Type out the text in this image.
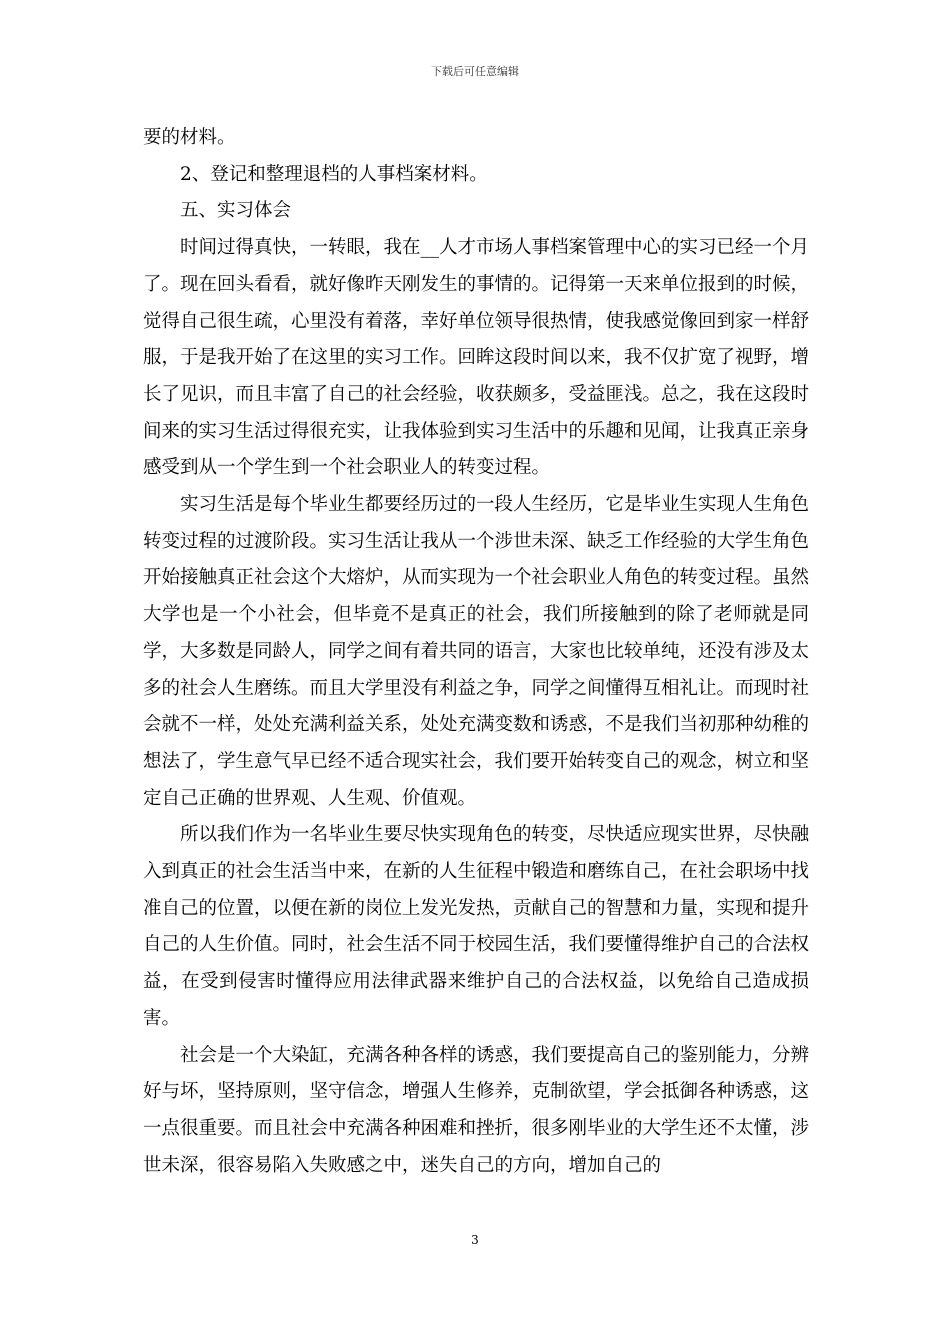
下载后可任意编辑

要的材料。

2、登记和整理退档的人事档案材料。

五、实习体会

时间过得真快，一转眼，我在__人才市场人事档案管理中心的实习已经一个月了。现在回头看看，就好像昨天刚发生的事情的。记得第一天来单位报到的时候，觉得自己很生疏，心里没有着落，幸好单位领导很热情，使我感觉像回到家一样舒服，于是我开始了在这里的实习工作。回眸这段时间以来，我不仅扩宽了视野，增长了见识，而且丰富了自己的社会经验，收获颇多，受益匪浅。总之，我在这段时间来的实习生活过得很充实，让我体验到实习生活中的乐趣和见闻，让我真正亲身感受到从一个学生到一个社会职业人的转变过程。

实习生活是每个毕业生都要经历过的一段人生经历，它是毕业生实现人生角色转变过程的过渡阶段。实习生活让我从一个涉世未深、缺乏工作经验的大学生角色开始接触真正社会这个大熔炉，从而实现为一个社会职业人角色的转变过程。虽然大学也是一个小社会，但毕竟不是真正的社会，我们所接触到的除了老师就是同学，大多数是同龄人，同学之间有着共同的语言，大家也比较单纯，还没有涉及太多的社会人生磨练。而且大学里没有利益之争，同学之间懂得互相礼让。而现时社会就不一样，处处充满利益关系，处处充满变数和诱惑，不是我们当初那种幼稚的想法了，学生意气早已经不适合现实社会，我们要开始转变自己的观念，树立和坚定自己正确的世界观、人生观、价值观。

所以我们作为一名毕业生要尽快实现角色的转变，尽快适应现实世界，尽快融入到真正的社会生活当中来，在新的人生征程中锻造和磨练自己，在社会职场中找准自己的位置，以便在新的岗位上发光发热，贡献自己的智慧和力量，实现和提升自己的人生价值。同时，社会生活不同于校园生活，我们要懂得维护自己的合法权益，在受到侵害时懂得应用法律武器来维护自己的合法权益，以免给自己造成损害。

社会是一个大染缸，充满各种各样的诱惑，我们要提高自己的鉴别能力，分辨好与坏，坚持原则，坚守信念，增强人生修养，克制欲望，学会抵御各种诱惑，这一点很重要。而且社会中充满各种困难和挫折，很多刚毕业的大学生还不太懂，涉世未深，很容易陷入失败感之中，迷失自己的方向，增加自己的

3
